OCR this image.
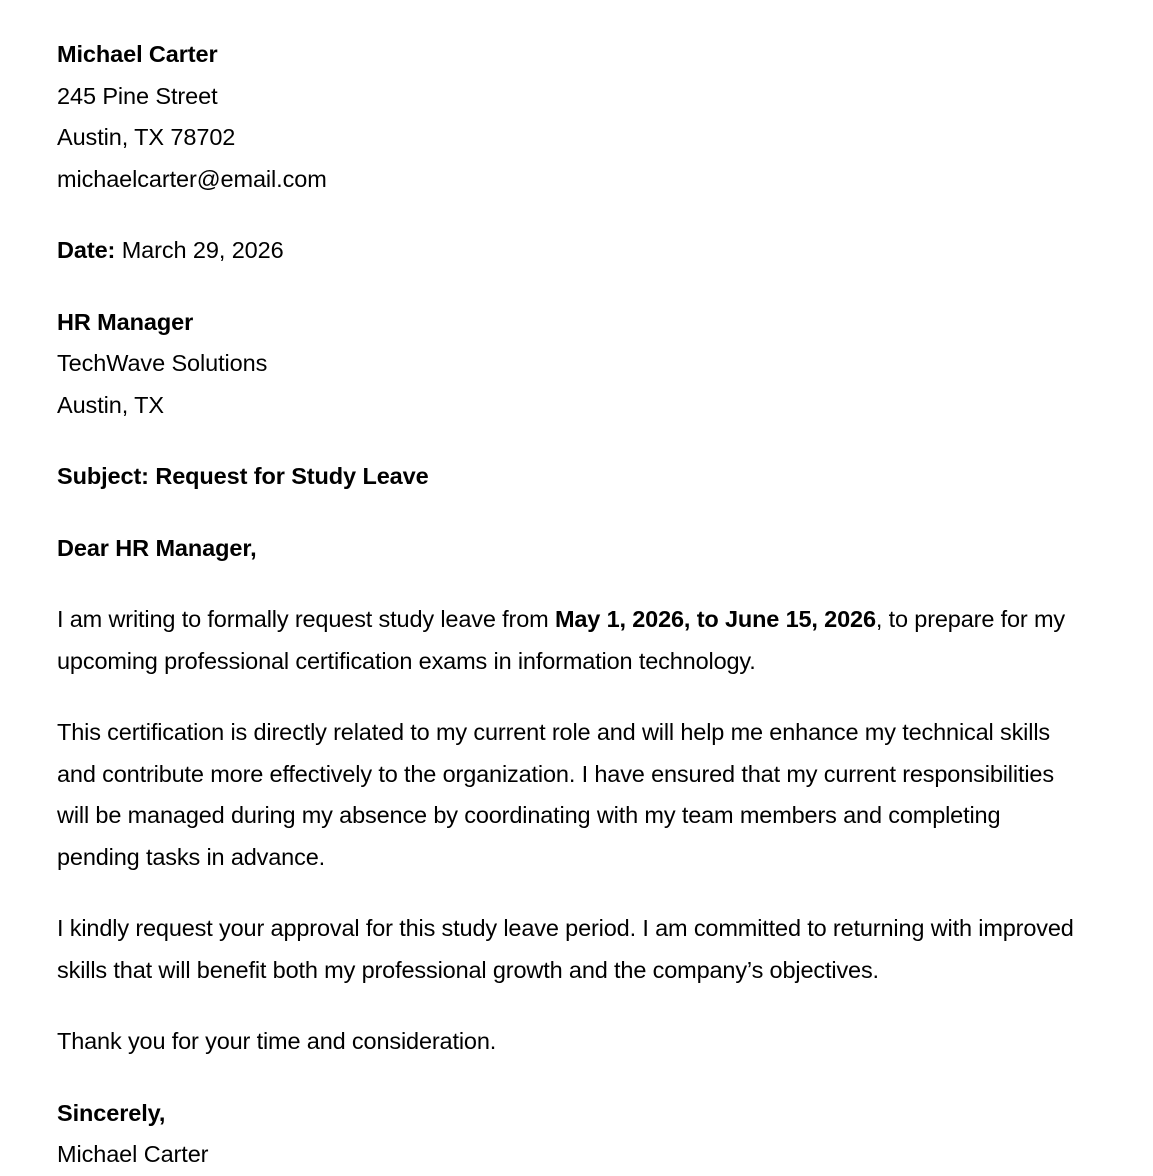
Michael Carter
245 Pine Street
Austin, TX 78702
michaelcarter@email.com
Date: March 29, 2026
HR Manager
TechWave Solutions
Austin, TX
Subject: Request for Study Leave
Dear HR Manager,

I am writing to formally request study leave from May 1, 2026, to June 15, 2026, to prepare for my upcoming professional certification exams in information technology.

This certification is directly related to my current role and will help me enhance my technical skills and contribute more effectively to the organization. I have ensured that my current responsibilities will be managed during my absence by coordinating with my team members and completing pending tasks in advance.

I kindly request your approval for this study leave period. I am committed to returning with improved skills that will benefit both my professional growth and the company’s objectives.

Thank you for your time and consideration.

Sincerely,
Michael Carter
